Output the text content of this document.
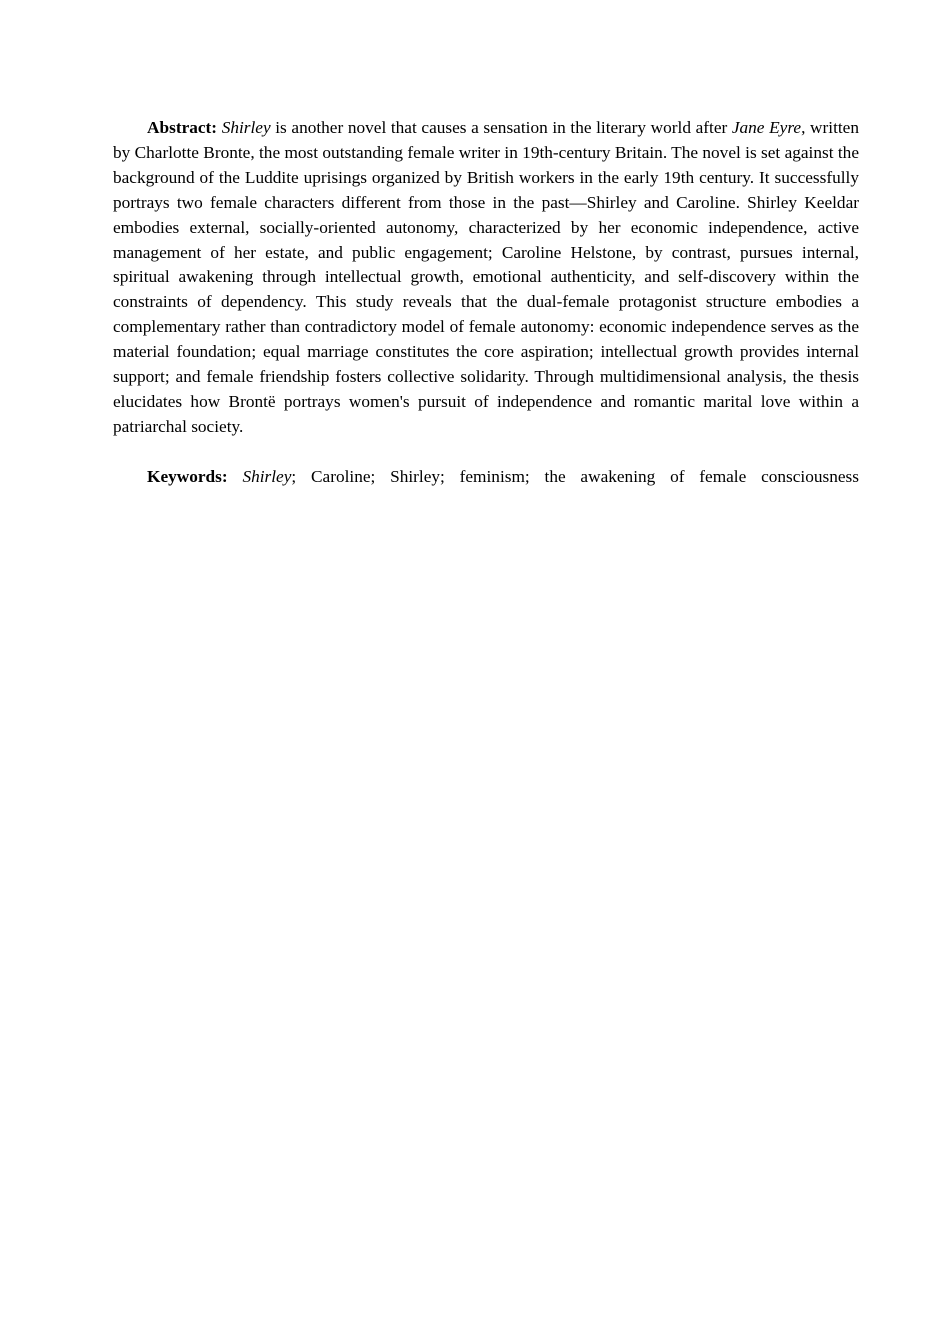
Abstract: Shirley is another novel that causes a sensation in the literary world after Jane Eyre, written by Charlotte Bronte, the most outstanding female writer in 19th-century Britain. The novel is set against the background of the Luddite uprisings organized by British workers in the early 19th century. It successfully portrays two female characters different from those in the past—Shirley and Caroline. Shirley Keeldar embodies external, socially-oriented autonomy, characterized by her economic independence, active management of her estate, and public engagement; Caroline Helstone, by contrast, pursues internal, spiritual awakening through intellectual growth, emotional authenticity, and self-discovery within the constraints of dependency. This study reveals that the dual-female protagonist structure embodies a complementary rather than contradictory model of female autonomy: economic independence serves as the material foundation; equal marriage constitutes the core aspiration; intellectual growth provides internal support; and female friendship fosters collective solidarity. Through multidimensional analysis, the thesis elucidates how Brontë portrays women's pursuit of independence and romantic marital love within a patriarchal society.

Keywords: Shirley; Caroline; Shirley; feminism; the awakening of female consciousness
